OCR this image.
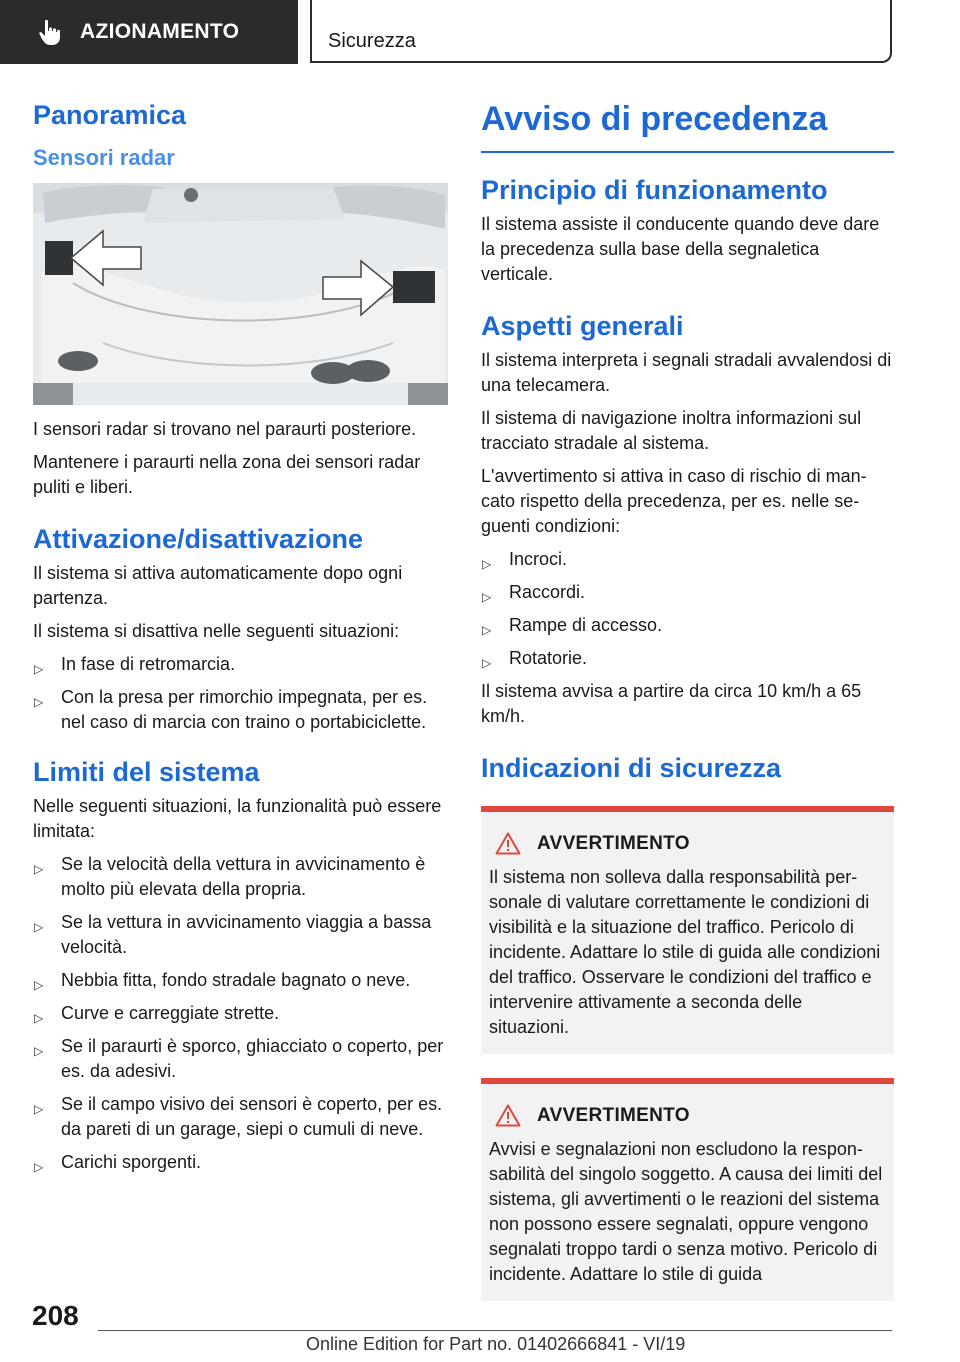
AZIONAMENTO	Sicurezza
Panoramica
Sensori radar

I sensori radar si trovano nel paraurti posteriore.

Mantenere i paraurti nella zona dei sensori radar puliti e liberi.

Attivazione/disattivazione

Il sistema si attiva automaticamente dopo ogni partenza.

Il sistema si disattiva nelle seguenti situazioni:

▷ In fase di retromarcia.
▷ Con la presa per rimorchio impegnata, per es. nel caso di marcia con traino o portabiciclette.
Limiti del sistema

Nelle seguenti situazioni, la funzionalità può essere limitata:

▷ Se la velocità della vettura in avvicinamento è molto più elevata della propria.
▷ Se la vettura in avvicinamento viaggia a bassa velocità.
▷ Nebbia fitta, fondo stradale bagnato o neve.
▷ Curve e carreggiate strette.
▷ Se il paraurti è sporco, ghiacciato o coperto, per es. da adesivi.
▷ Se il campo visivo dei sensori è coperto, per es. da pareti di un garage, siepi o cumuli di neve.
▷ Carichi sporgenti.
Avviso di precedenza
Principio di funzionamento

Il sistema assiste il conducente quando deve dare la precedenza sulla base della segnaletica verticale.

Aspetti generali

Il sistema interpreta i segnali stradali avvalendosi di una telecamera.

Il sistema di navigazione inoltra informazioni sul tracciato stradale al sistema.

L'avvertimento si attiva in caso di rischio di mancato rispetto della precedenza, per es. nelle seguenti condizioni:

▷ Incroci.
▷ Raccordi.
▷ Rampe di accesso.
▷ Rotatorie.

Il sistema avvisa a partire da circa 10 km/h a 65 km/h.

Indicazioni di sicurezza
AVVERTIMENTO

Il sistema non solleva dalla responsabilità personale di valutare correttamente le condizioni di visibilità e la situazione del traffico. Pericolo di incidente. Adattare lo stile di guida alle condizioni del traffico. Osservare le condizioni del traffico e intervenire attivamente a seconda delle situazioni.

AVVERTIMENTO

Avvisi e segnalazioni non escludono la responsabilità del singolo soggetto. A causa dei limiti del sistema, gli avvertimenti o le reazioni del sistema non possono essere segnalati, oppure vengono segnalati troppo tardi o senza motivo. Pericolo di incidente. Adattare lo stile di guida

208
Online Edition for Part no. 01402666841 - VI/19
